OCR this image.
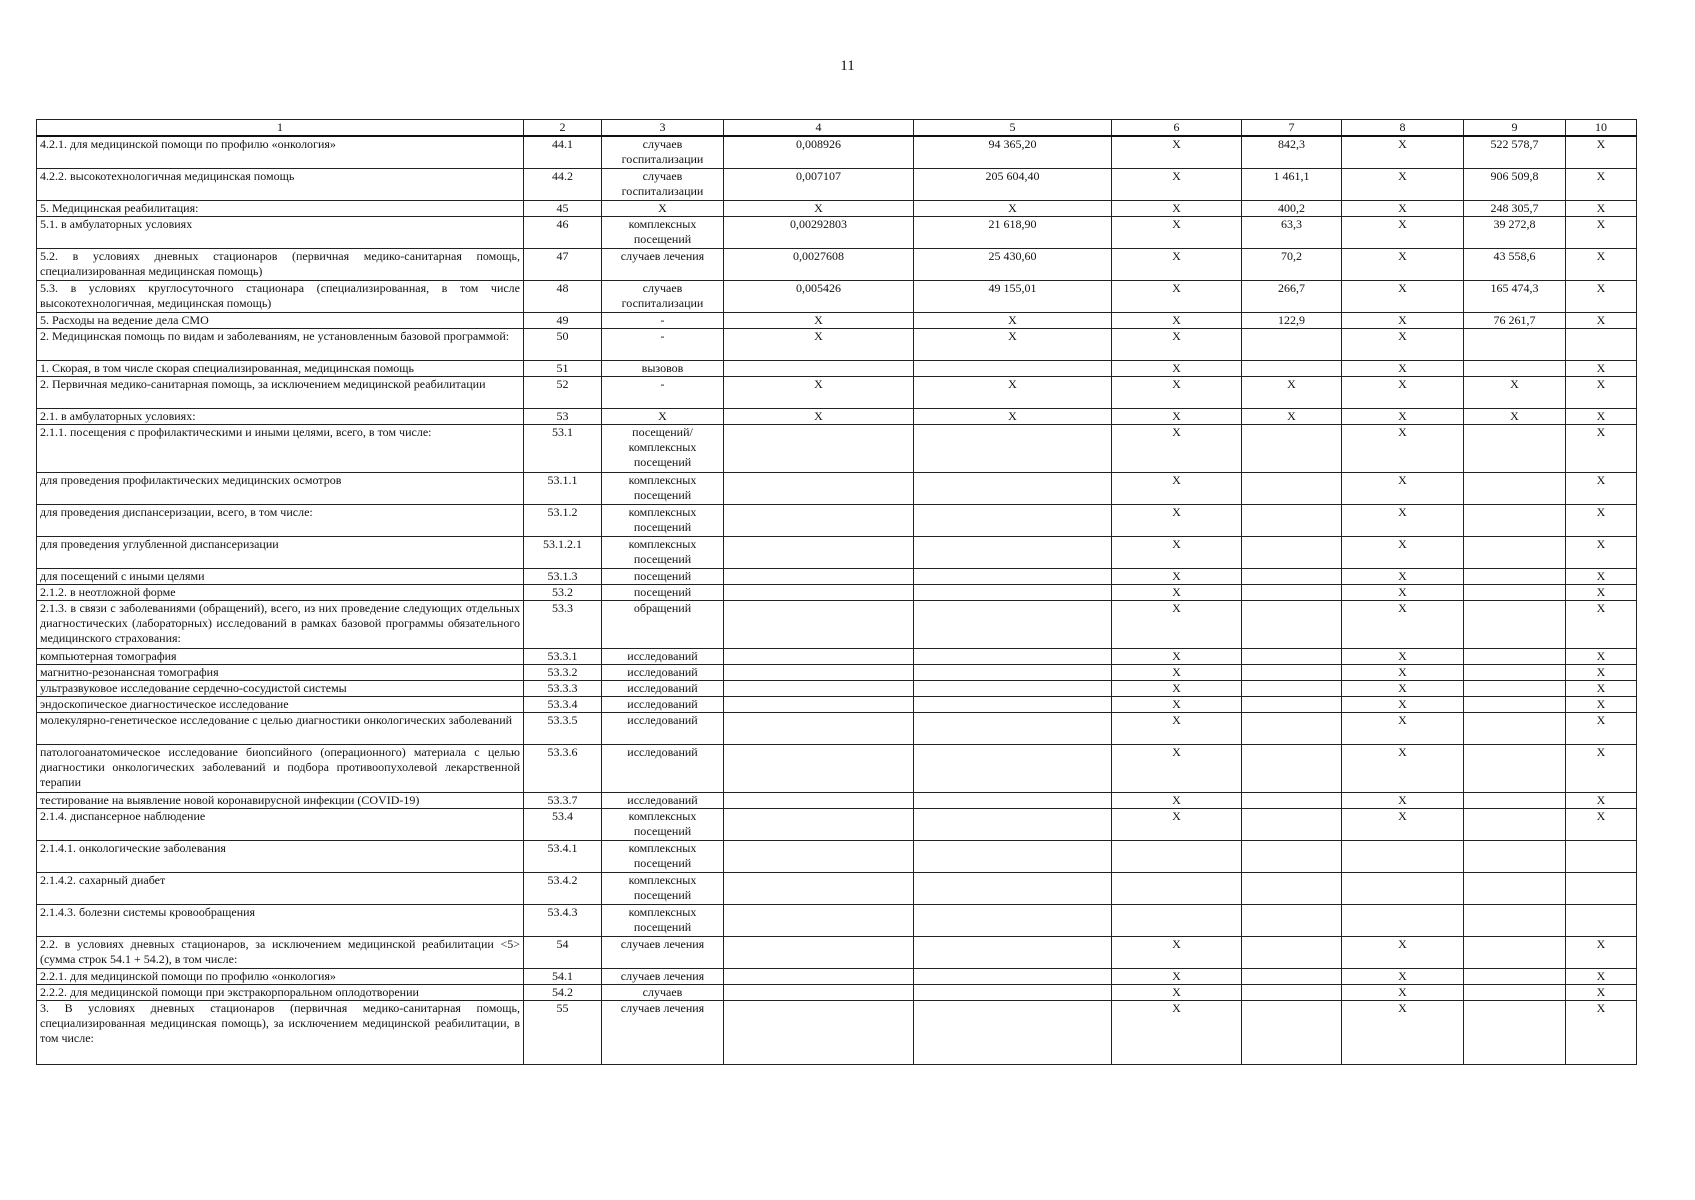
11
1	2	3	4	5	6	7	8	9	10
4.2.1. для медицинской помощи по профилю «онкология»	44.1	случаев госпитализации	0,008926	94 365,20	X	842,3	X	522 578,7	X
4.2.2. высокотехнологичная медицинская помощь	44.2	случаев госпитализации	0,007107	205 604,40	X	1 461,1	X	906 509,8	X
5. Медицинская реабилитация:	45	X	X	X	X	400,2	X	248 305,7	X
5.1. в амбулаторных условиях	46	комплексных посещений	0,00292803	21 618,90	X	63,3	X	39 272,8	X
5.2. в условиях дневных стационаров (первичная медико-санитарная помощь, специализированная медицинская помощь)	47	случаев лечения	0,0027608	25 430,60	X	70,2	X	43 558,6	X
5.3. в условиях круглосуточного стационара (специализированная, в том числе высокотехнологичная, медицинская помощь)	48	случаев госпитализации	0,005426	49 155,01	X	266,7	X	165 474,3	X
5. Расходы на ведение дела СМО	49	-	X	X	X	122,9	X	76 261,7	X
2. Медицинская помощь по видам и заболеваниям, не установленным базовой программой:	50	-	X	X	X		X		
1. Скорая, в том числе скорая специализированная, медицинская помощь	51	вызовов			X		X		X
2. Первичная медико-санитарная помощь, за исключением медицинской реабилитации	52	-	X	X	X	X	X	X	X
2.1. в амбулаторных условиях:	53	X	X	X	X	X	X	X	X
2.1.1. посещения с профилактическими и иными целями, всего, в том числе:	53.1	посещений/ комплексных посещений			X		X		X
для проведения профилактических медицинских осмотров	53.1.1	комплексных посещений			X		X		X
для проведения диспансеризации, всего, в том числе:	53.1.2	комплексных посещений			X		X		X
для проведения углубленной диспансеризации	53.1.2.1	комплексных посещений			X		X		X
для посещений с иными целями	53.1.3	посещений			X		X		X
2.1.2. в неотложной форме	53.2	посещений			X		X		X
2.1.3. в связи с заболеваниями (обращений), всего, из них проведение следующих отдельных диагностических (лабораторных) исследований в рамках базовой программы обязательного медицинского страхования:	53.3	обращений			X		X		X
компьютерная томография	53.3.1	исследований			X		X		X
магнитно-резонансная томография	53.3.2	исследований			X		X		X
ультразвуковое исследование сердечно-сосудистой системы	53.3.3	исследований			X		X		X
эндоскопическое диагностическое исследование	53.3.4	исследований			X		X		X
молекулярно-генетическое исследование с целью диагностики онкологических заболеваний	53.3.5	исследований			X		X		X
патологоанатомическое исследование биопсийного (операционного) материала с целью диагностики онкологических заболеваний и подбора противоопухолевой лекарственной терапии	53.3.6	исследований			X		X		X
тестирование на выявление новой коронавирусной инфекции (COVID-19)	53.3.7	исследований			X		X		X
2.1.4. диспансерное наблюдение	53.4	комплексных посещений			X		X		X
2.1.4.1. онкологические заболевания	53.4.1	комплексных посещений							
2.1.4.2. сахарный диабет	53.4.2	комплексных посещений							
2.1.4.3. болезни системы кровообращения	53.4.3	комплексных посещений							
2.2. в условиях дневных стационаров, за исключением медицинской реабилитации <5> (сумма строк 54.1 + 54.2), в том числе:	54	случаев лечения			X		X		X
2.2.1. для медицинской помощи по профилю «онкология»	54.1	случаев лечения			X		X		X
2.2.2. для медицинской помощи при экстракорпоральном оплодотворении	54.2	случаев			X		X		X
3. В условиях дневных стационаров (первичная медико-санитарная помощь, специализированная медицинская помощь), за исключением медицинской реабилитации, в том числе:	55	случаев лечения			X		X		X
